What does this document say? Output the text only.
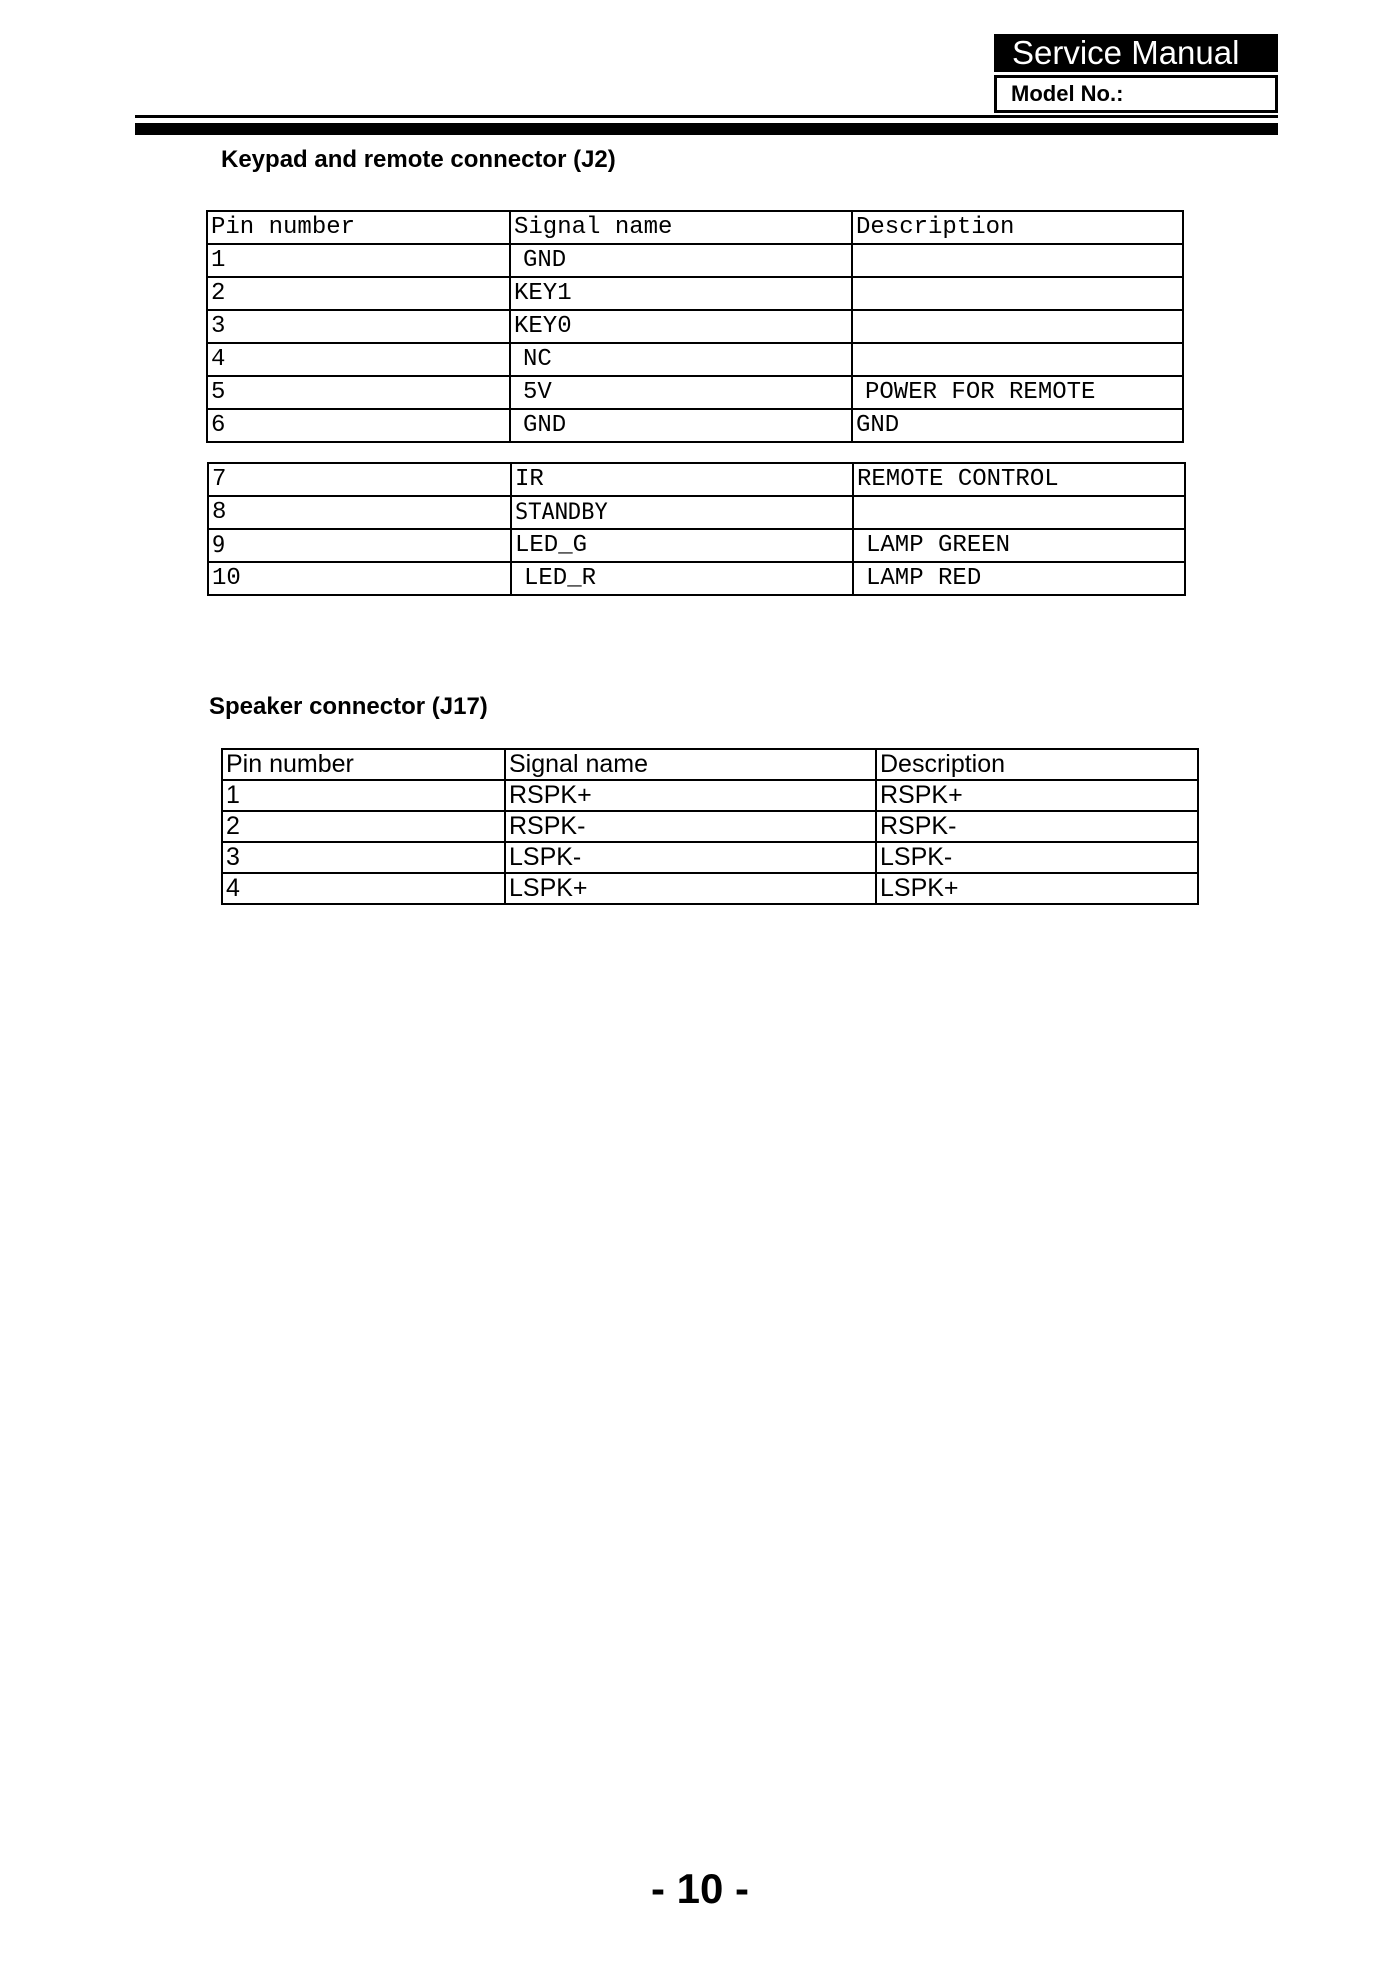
Service Manual
Model No.:
Keypad and remote connector (J2)
Pin number	Signal name	Description
1	GND	
2	KEY1	
3	KEY0	
4	NC	
5	5V	POWER FOR REMOTE
6	GND	GND
7	IR	REMOTE CONTROL
8	STANDBY	
9	LED_G	LAMP GREEN
10	LED_R	LAMP RED
Speaker connector (J17)
Pin number	Signal name	Description
1	RSPK+	RSPK+
2	RSPK-	RSPK-
3	LSPK-	LSPK-
4	LSPK+	LSPK+
- 10 -
